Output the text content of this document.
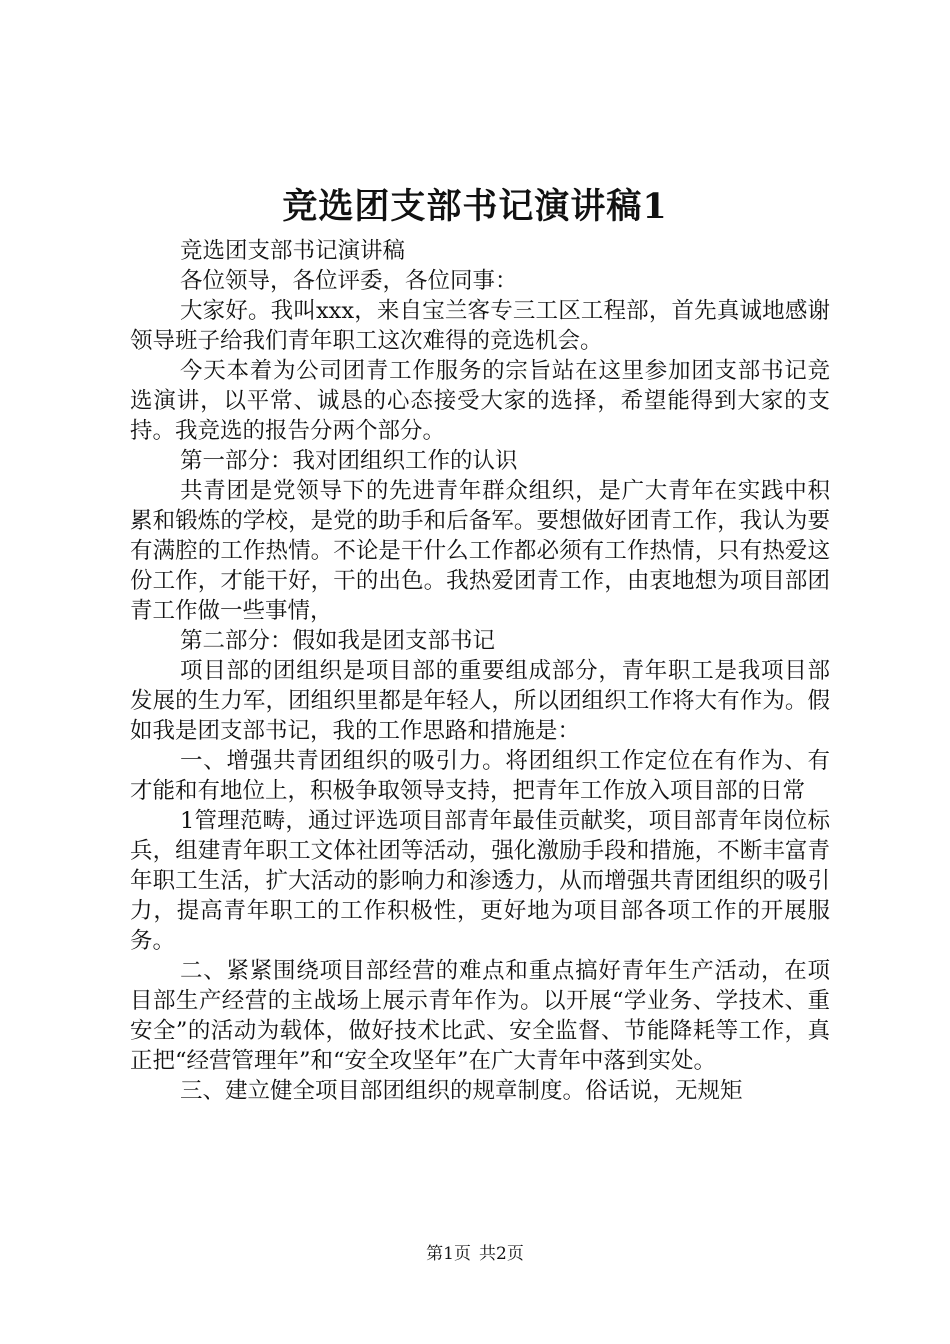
竞选团支部书记演讲稿1

竞选团支部书记演讲稿

各位领导，各位评委，各位同事：

大家好。我叫xxx，来自宝兰客专三工区工程部，首先真诚地感谢领导班子给我们青年职工这次难得的竞选机会。

今天本着为公司团青工作服务的宗旨站在这里参加团支部书记竞选演讲，以平常、诚恳的心态接受大家的选择，希望能得到大家的支持。我竞选的报告分两个部分。

第一部分：我对团组织工作的认识

共青团是党领导下的先进青年群众组织，是广大青年在实践中积累和锻炼的学校，是党的助手和后备军。要想做好团青工作，我认为要有满腔的工作热情。不论是干什么工作都必须有工作热情，只有热爱这份工作，才能干好，干的出色。我热爱团青工作，由衷地想为项目部团青工作做一些事情，

第二部分：假如我是团支部书记

项目部的团组织是项目部的重要组成部分，青年职工是我项目部发展的生力军，团组织里都是年轻人，所以团组织工作将大有作为。假如我是团支部书记，我的工作思路和措施是：

一、增强共青团组织的吸引力。将团组织工作定位在有作为、有才能和有地位上，积极争取领导支持，把青年工作放入项目部的日常

1管理范畴，通过评选项目部青年最佳贡献奖，项目部青年岗位标兵，组建青年职工文体社团等活动，强化激励手段和措施，不断丰富青年职工生活，扩大活动的影响力和渗透力，从而增强共青团组织的吸引力，提高青年职工的工作积极性，更好地为项目部各项工作的开展服务。

二、紧紧围绕项目部经营的难点和重点搞好青年生产活动，在项目部生产经营的主战场上展示青年作为。以开展“学业务、学技术、重安全”的活动为载体，做好技术比武、安全监督、节能降耗等工作，真正把“经营管理年”和“安全攻坚年”在广大青年中落到实处。

三、建立健全项目部团组织的规章制度。俗话说，无规矩

第1页 共2页
